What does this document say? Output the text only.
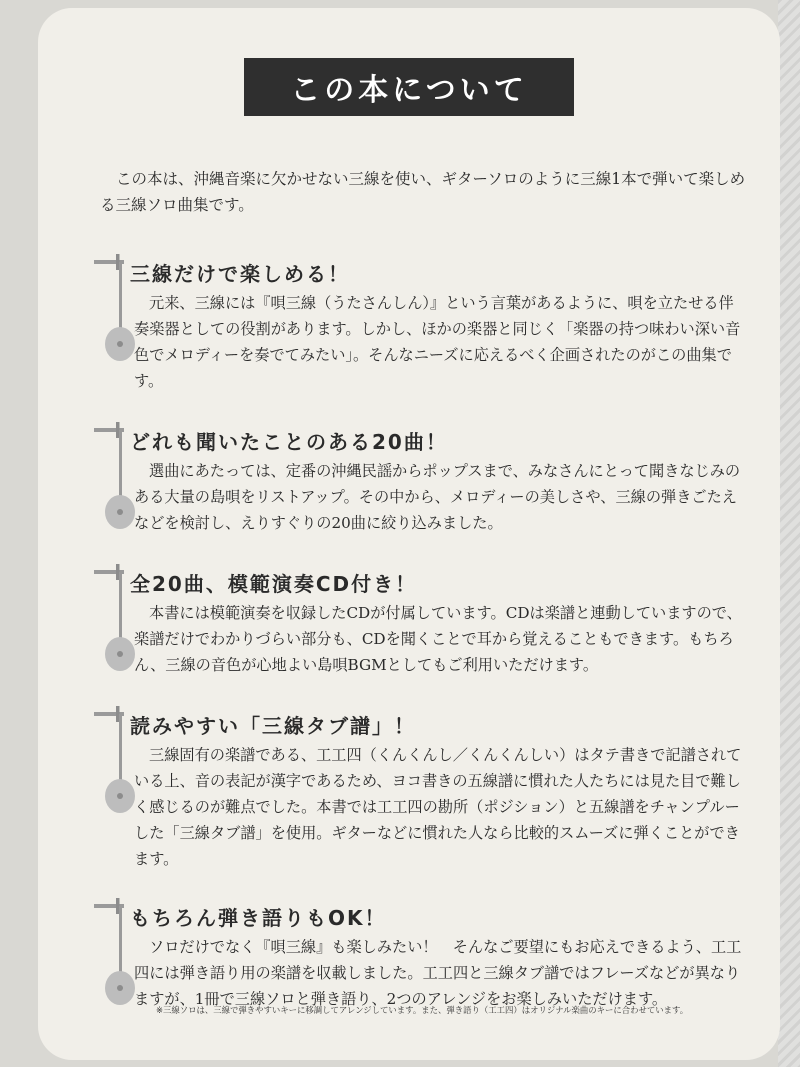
この本について
この本は、沖縄音楽に欠かせない三線を使い、ギターソロのように三線1本で弾いて楽しめる三線ソロ曲集です。
三線だけで楽しめる！
元来、三線には『唄三線（うたさんしん）』という言葉があるように、唄を立たせる伴奏楽器としての役割があります。しかし、ほかの楽器と同じく「楽器の持つ味わい深い音色でメロディーを奏でてみたい」。そんなニーズに応えるべく企画されたのがこの曲集です。
どれも聞いたことのある20曲！
選曲にあたっては、定番の沖縄民謡からポップスまで、みなさんにとって聞きなじみのある大量の島唄をリストアップ。その中から、メロディーの美しさや、三線の弾きごたえなどを検討し、えりすぐりの20曲に絞り込みました。
全20曲、模範演奏CD付き！
本書には模範演奏を収録したCDが付属しています。CDは楽譜と連動していますので、楽譜だけでわかりづらい部分も、CDを聞くことで耳から覚えることもできます。もちろん、三線の音色が心地よい島唄BGMとしてもご利用いただけます。
読みやすい「三線タブ譜」！
三線固有の楽譜である、工工四（くんくんし／くんくんしい）はタテ書きで記譜されている上、音の表記が漢字であるため、ヨコ書きの五線譜に慣れた人たちには見た目で難しく感じるのが難点でした。本書では工工四の勘所（ポジション）と五線譜をチャンプルーした「三線タブ譜」を使用。ギターなどに慣れた人なら比較的スムーズに弾くことができます。
もちろん弾き語りもOK！
ソロだけでなく『唄三線』も楽しみたい！　そんなご要望にもお応えできるよう、工工四には弾き語り用の楽譜を収載しました。工工四と三線タブ譜ではフレーズなどが異なりますが、1冊で三線ソロと弾き語り、2つのアレンジをお楽しみいただけます。
※三線ソロは、三線で弾きやすいキーに移調してアレンジしています。また、弾き語り（工工四）はオリジナル楽曲のキーに合わせています。
